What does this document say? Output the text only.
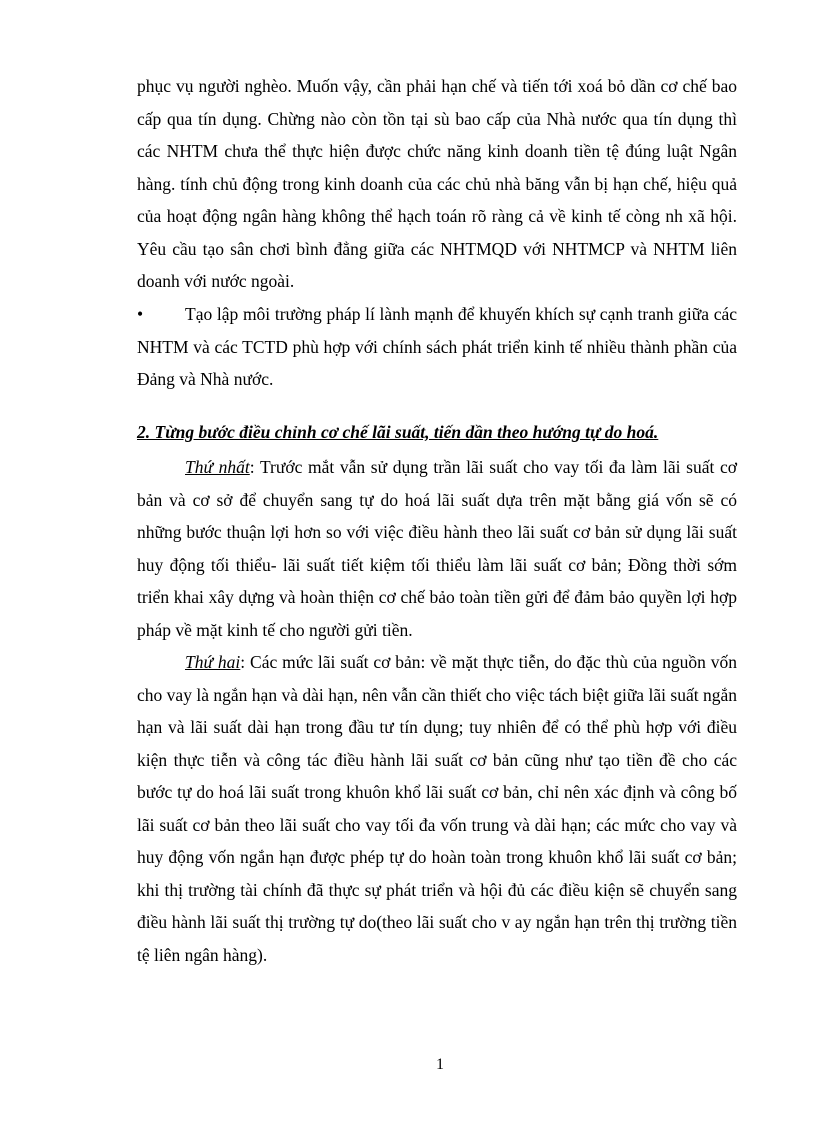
phục vụ người nghèo. Muốn vậy, cần phải hạn chế và tiến tới xoá bỏ dần cơ chế bao cấp qua tín dụng. Chừng nào còn tồn tại sù bao cấp của Nhà nước qua tín dụng thì các NHTM chưa thể thực hiện được chức năng kinh doanh tiền tệ đúng luật Ngân hàng. tính chủ động trong kinh doanh của các chủ nhà băng vẫn bị hạn chế, hiệu quả của hoạt động ngân hàng không thể hạch toán rõ ràng cả về kinh tế còng nh xã hội. Yêu cầu tạo sân chơi bình đẳng giữa các NHTMQD với NHTMCP và NHTM liên doanh với nước ngoài.

•	Tạo lập môi trường pháp lí lành mạnh để khuyến khích sự cạnh tranh giữa các NHTM và các TCTD phù hợp với chính sách phát triển kinh tế nhiều thành phần của Đảng và Nhà nước.

2. Từng bước điều chỉnh cơ chế lãi suất, tiến dần theo hướng tự do hoá.

Thứ nhất: Trước mắt vẫn sử dụng trần lãi suất cho vay tối đa làm lãi suất cơ bản và cơ sở để chuyển sang tự do hoá lãi suất dựa trên mặt bằng giá vốn sẽ có những bước thuận lợi hơn so với việc điều hành theo lãi suất cơ bản sử dụng lãi suất huy động tối thiểu- lãi suất tiết kiệm tối thiểu làm lãi suất cơ bản; Đồng thời sớm triển khai xây dựng và hoàn thiện cơ chế bảo toàn tiền gửi để đảm bảo quyền lợi hợp pháp về mặt kinh tế cho người gửi tiền.

Thứ hai: Các mức lãi suất cơ bản: về mặt thực tiễn, do đặc thù của nguồn vốn cho vay là ngắn hạn và dài hạn, nên vẫn cần thiết cho việc tách biệt giữa lãi suất ngắn hạn và lãi suất dài hạn trong đầu tư tín dụng; tuy nhiên để có thể phù hợp với điều kiện thực tiễn và công tác điều hành lãi suất cơ bản cũng như tạo tiền đề cho các bước tự do hoá lãi suất trong khuôn khổ lãi suất cơ bản, chỉ nên xác định và công bố lãi suất cơ bản theo lãi suất cho vay tối đa vốn trung và dài hạn; các mức cho vay và huy động vốn ngắn hạn được phép tự do hoàn toàn trong khuôn khổ lãi suất cơ bản; khi thị trường tài chính đã thực sự phát triển và hội đủ các điều kiện sẽ chuyển sang điều hành lãi suất thị trường tự do(theo lãi suất cho v ay ngắn hạn trên thị trường tiền tệ liên ngân hàng).

1
